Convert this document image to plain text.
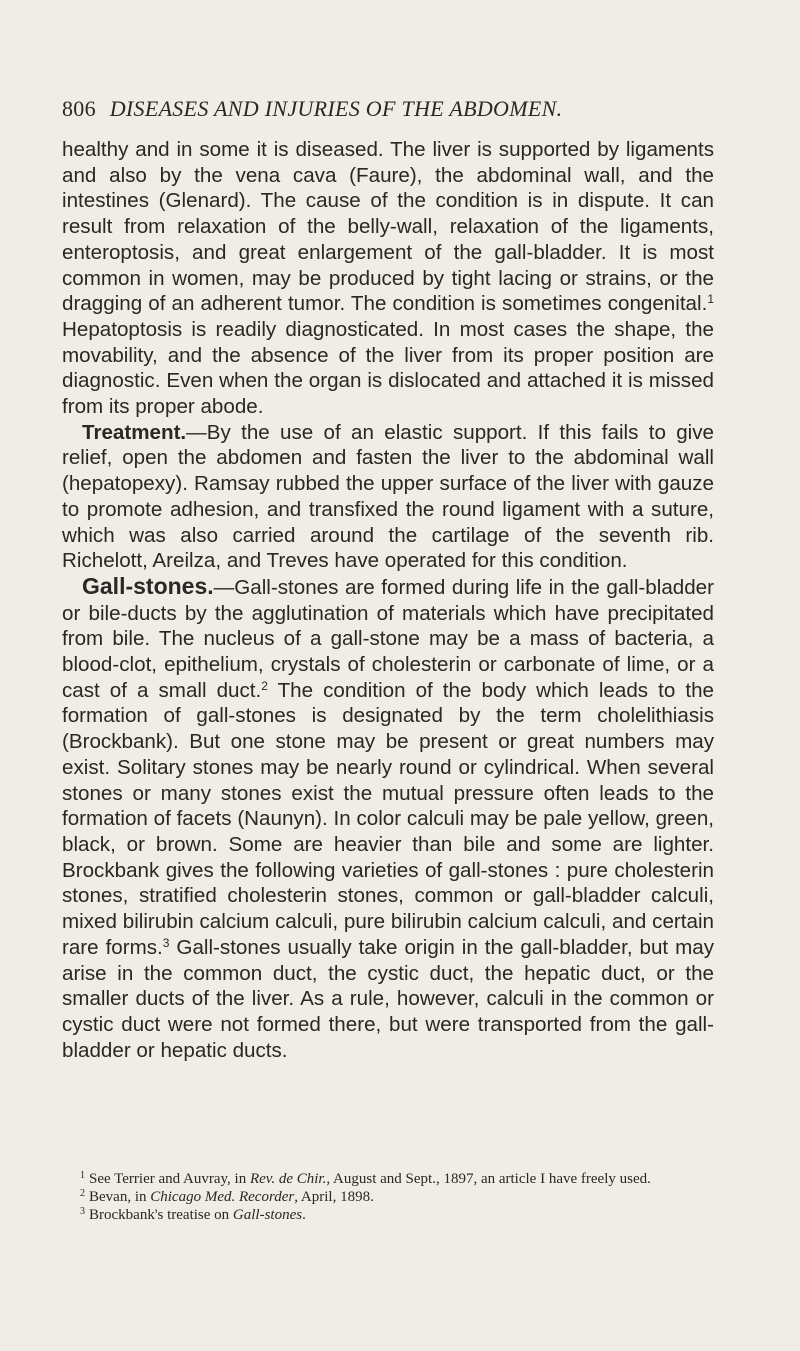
806 DISEASES AND INJURIES OF THE ABDOMEN.

healthy and in some it is diseased. The liver is supported by ligaments and also by the vena cava (Faure), the abdominal wall, and the intestines (Glenard). The cause of the condition is in dispute. It can result from relaxation of the belly-wall, relaxation of the ligaments, enteroptosis, and great enlargement of the gall-bladder. It is most common in women, may be produced by tight lacing or strains, or the dragging of an adherent tumor. The condition is sometimes congenital.$^1$ Hepatoptosis is readily diagnosticated. In most cases the shape, the movability, and the absence of the liver from its proper position are diagnostic. Even when the organ is dislocated and attached it is missed from its proper abode.

Treatment.—By the use of an elastic support. If this fails to give relief, open the abdomen and fasten the liver to the abdominal wall (hepatopexy). Ramsay rubbed the upper surface of the liver with gauze to promote adhesion, and transfixed the round ligament with a suture, which was also carried around the cartilage of the seventh rib. Richelott, Areilza, and Treves have operated for this condition.

Gall-stones.—Gall-stones are formed during life in the gall-bladder or bile-ducts by the agglutination of materials which have precipitated from bile. The nucleus of a gall-stone may be a mass of bacteria, a blood-clot, epithelium, crystals of cholesterin or carbonate of lime, or a cast of a small duct.$^2$ The condition of the body which leads to the formation of gall-stones is designated by the term cholelithiasis (Brockbank). But one stone may be present or great numbers may exist. Solitary stones may be nearly round or cylindrical. When several stones or many stones exist the mutual pressure often leads to the formation of facets (Naunyn). In color calculi may be pale yellow, green, black, or brown. Some are heavier than bile and some are lighter. Brockbank gives the following varieties of gall-stones : pure cholesterin stones, stratified cholesterin stones, common or gall-bladder calculi, mixed bilirubin calcium calculi, pure bilirubin calcium calculi, and certain rare forms.$^3$ Gall-stones usually take origin in the gall-bladder, but may arise in the common duct, the cystic duct, the hepatic duct, or the smaller ducts of the liver. As a rule, however, calculi in the common or cystic duct were not formed there, but were transported from the gall-bladder or hepatic ducts.

$^1$ See Terrier and Auvray, in Rev. de Chir., August and Sept., 1897, an article I have freely used.

$^2$ Bevan, in Chicago Med. Recorder, April, 1898.

$^3$ Brockbank's treatise on Gall-stones.
